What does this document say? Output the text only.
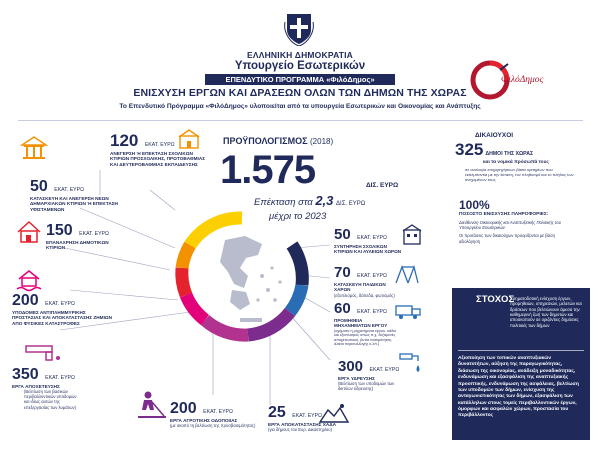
ΕΛΛΗΝΙΚΗ ΔΗΜΟΚΡΑΤΙΑ
Υπουργείο Εσωτερικών
ΕΠΕΝΔΥΤΙΚΟ ΠΡΟΓΡΑΜΜΑ «ΦιλόΔημος»
ΕΝΙΣΧΥΣΗ ΕΡΓΩΝ ΚΑΙ ΔΡΑΣΕΩΝ ΟΛΩΝ ΤΩΝ ΔΗΜΩΝ ΤΗΣ ΧΩΡΑΣ
Το Επενδυτικό Πρόγραμμα «ΦιλόΔημος» υλοποιείται από τα υπουργεία Εσωτερικών και Οικονομίας και Ανάπτυξης
ΦιλόΔημος
120 ΕΚΑΤ. ΕΥΡΩ
ΑΝΕΓΕΡΣΗ Ή ΕΠΕΚΤΑΣΗ ΣΧΟΛΙΚΩΝ ΚΤΙΡΙΩΝ ΠΡΟΣΧΟΛΙΚΗΣ, ΠΡΩΤΟΒΑΘΜΙΑΣ ΚΑΙ ΔΕΥΤΕΡΟΒΑΘΜΙΑΣ ΕΚΠΑΙΔΕΥΣΗΣ
50 ΕΚΑΤ. ΕΥΡΩ
ΚΑΤΑΣΚΕΥΗ ΚΑΙ ΑΝΕΓΕΡΣΗ ΝΕΩΝ ΔΗΜΑΡΧΙΑΚΩΝ ΚΤΙΡΙΩΝ Ή ΕΠΕΚΤΑΣΗ ΥΦΙΣΤΑΜΕΝΩΝ
150 ΕΚΑΤ. ΕΥΡΩ
ΕΠΑΝΑΧΡΗΣΗ ΔΗΜΟΤΙΚΩΝ ΚΤΙΡΙΩΝ
200 ΕΚΑΤ. ΕΥΡΩ
ΥΠΟΔΟΜΕΣ ΑΝΤΙΠΛΗΜΜΥΡΙΚΗΣ ΠΡΟΣΤΑΣΙΑΣ ΚΑΙ ΑΠΟΚΑΤΑΣΤΑΣΗΣ ΖΗΜΙΩΝ ΑΠΟ ΦΥΣΙΚΕΣ ΚΑΤΑΣΤΡΟΦΕΣ
350 ΕΚΑΤ. ΕΥΡΩ
ΕΡΓΑ ΑΠΟΧΕΤΕΥΣΗΣ
(Βελτίωση των βασικών περιβαλλοντικών υποδομών και ιδίως αυτών της επεξεργασίας των λυμάτων)	200 ΕΚΑΤ. ΕΥΡΩ
ΕΡΓΑ ΑΓΡΟΤΙΚΗΣ ΟΔΟΠΟΙΙΑΣ
(με σκοπό τη βελτίωση της προσβασιμότητας)
25 ΕΚΑΤ. ΕΥΡΩ
ΕΡΓΑ ΑΠΟΚΑΤΑΣΤΑΣΗΣ ΧΑΔΑ
(για δήμους του Ευρ. Δικαστηρίου)
ΠΡΟΫΠΟΛΟΓΙΣΜΟΣ (2018)
1.575	ΔΙΣ. ΕΥΡΩ
Επέκταση στα 2,3 ΔΙΣ. ΕΥΡΩ
μέχρι το 2023
50 ΕΚΑΤ. ΕΥΡΩ
ΣΥΝΤΗΡΗΣΗ ΣΧΟΛΙΚΩΝ ΚΤΙΡΙΩΝ ΚΑΙ ΑΥΛΕΙΩΝ ΧΩΡΩΝ
70 ΕΚΑΤ. ΕΥΡΩ
ΚΑΤΑΣΚΕΥΗ ΠΑΙΔΙΚΩΝ ΧΑΡΩΝ
(εξοπλισμός, δάπεδα, φωτισμός)
60 ΕΚΑΤ. ΕΥΡΩ
ΠΡΟΜΗΘΕΙΑ ΜΗΧΑΝΗΜΑΤΩΝ ΕΡΓΟΥ
(οχήματα ή μηχανήματα έργου, κάδοι και εξοπλισμός όπως π.χ. δεξαμενές αποχετευτικού, βυτία ποσιμότητας, άλατα περισυλλογής κ.λπ.)
300 ΕΚΑΤ. ΕΥΡΩ
ΕΡΓΑ ΥΔΡΕΥΣΗΣ
(Βελτίωση των υποδομών των δικτύων ύδρευσης)
ΔΙΚΑΙΟΥΧΟΙ
325 ΔΗΜΟΙ ΤΗΣ ΧΩΡΑΣ
και τα νομικά πρόσωπά τους
σε αναλογία επιχορηγήσεων βάσει κριτηρίων που εκπέμπονται με την έκταση, τον πληθυσμό και το πλήθος των ανεχομένων τους
100%
ΠΟΣΟΣΤΟ ΕΝΙΣΧΥΣΗΣ ΠΛΗΡΟΦΟΡΙΕΣ:
Διεύθυνση Οικονομικής και Αναπτυξιακής Πολιτικής του Υπουργείου Εσωτερικών
Οι προτάσεις των δικαιούχων προορίζονται με βάση αξιολόγηση
ΣΤΟΧΟΣ
Χρηματοδοτική ενίσχυση έργων, προμηθειών, υπηρεσιών, μελετών και δράσεων που βελτιώνουν άμεσα την καθημερινή ζωή των δημοτών και αποσκοπούν σε οριζόντιες δημόσιες πολιτικές των δήμων
Αξιοποίηση των τοπικών αναπτυξιακών δυνατοτήτων, αύξηση της παραγωγικότητας, διάσωση της οικονομίας, ανάδειξη μοναδικότητας, ενδυνάμωση και εξασφάλιση της αναπτυξιακής προοπτικής, ενδυνάμωση της ασφάλειας, βελτίωση των υποδομών των δήμων, ενίσχυση της ανταγωνιστικότητας των δήμων, εξασφάλιση των κατάλληλων στους τομείς περιβαλλοντικών έργων, όμορφων και ασφαλών χώρων, προστασία του περιβάλλοντος
